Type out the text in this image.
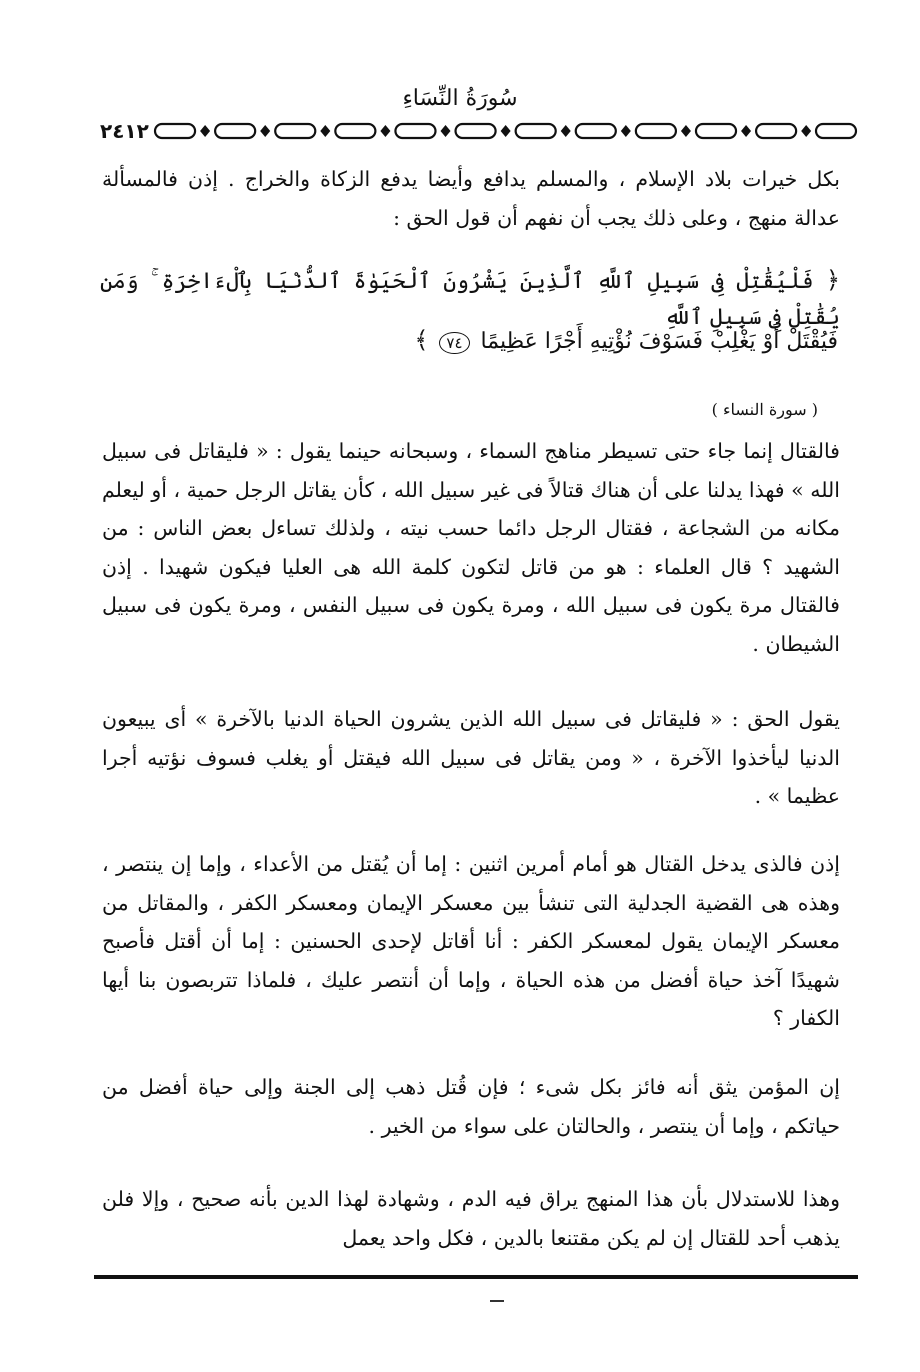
سُورَةُ النِّسَاءِ
٢٤١٢
بكل خيرات بلاد الإسلام ، والمسلم يدافع وأيضا يدفع الزكاة والخراج . إذن فالمسألة عدالة منهج ، وعلى ذلك يجب أن نفهم أن قول الحق :
﴿ فَلْيُقَٰتِلْ فِى سَبِيلِ ٱللَّهِ ٱلَّذِينَ يَشْرُونَ ٱلْحَيَوٰةَ ٱلدُّنْيَا بِٱلْءَاخِرَةِ ۚ وَمَن يُقَٰتِلْ فِى سَبِيلِ ٱللَّهِ
فَيُقْتَلْ أَوْ يَغْلِبْ فَسَوْفَ نُؤْتِيهِ أَجْرًا عَظِيمًا ٧٤ ﴾
( سورة النساء )
فالقتال إنما جاء حتى تسيطر مناهج السماء ، وسبحانه حينما يقول : « فليقاتل فى سبيل الله » فهذا يدلنا على أن هناك قتالاً فى غير سبيل الله ، كأن يقاتل الرجل حمية ، أو ليعلم مكانه من الشجاعة ، فقتال الرجل دائما حسب نيته ، ولذلك تساءل بعض الناس : من الشهيد ؟ قال العلماء : هو من قاتل لتكون كلمة الله هى العليا فيكون شهيدا . إذن فالقتال مرة يكون فى سبيل الله ، ومرة يكون فى سبيل النفس ، ومرة يكون فى سبيل الشيطان .
يقول الحق : « فليقاتل فى سبيل الله الذين يشرون الحياة الدنيا بالآخرة » أى يبيعون الدنيا ليأخذوا الآخرة ، « ومن يقاتل فى سبيل الله فيقتل أو يغلب فسوف نؤتيه أجرا عظيما » .
إذن فالذى يدخل القتال هو أمام أمرين اثنين : إما أن يُقتل من الأعداء ، وإما إن ينتصر ، وهذه هى القضية الجدلية التى تنشأ بين معسكر الإيمان ومعسكر الكفر ، والمقاتل من معسكر الإيمان يقول لمعسكر الكفر : أنا أقاتل لإحدى الحسنين : إما أن أقتل فأصبح شهيدًا آخذ حياة أفضل من هذه الحياة ، وإما أن أنتصر عليك ، فلماذا تتربصون بنا أيها الكفار ؟
إن المؤمن يثق أنه فائز بكل شىء ؛ فإن قُتل ذهب إلى الجنة وإلى حياة أفضل من حياتكم ، وإما أن ينتصر ، والحالتان على سواء من الخير .
وهذا للاستدلال بأن هذا المنهج يراق فيه الدم ، وشهادة لهذا الدين بأنه صحيح ، وإلا فلن يذهب أحد للقتال إن لم يكن مقتنعا بالدين ، فكل واحد يعمل
